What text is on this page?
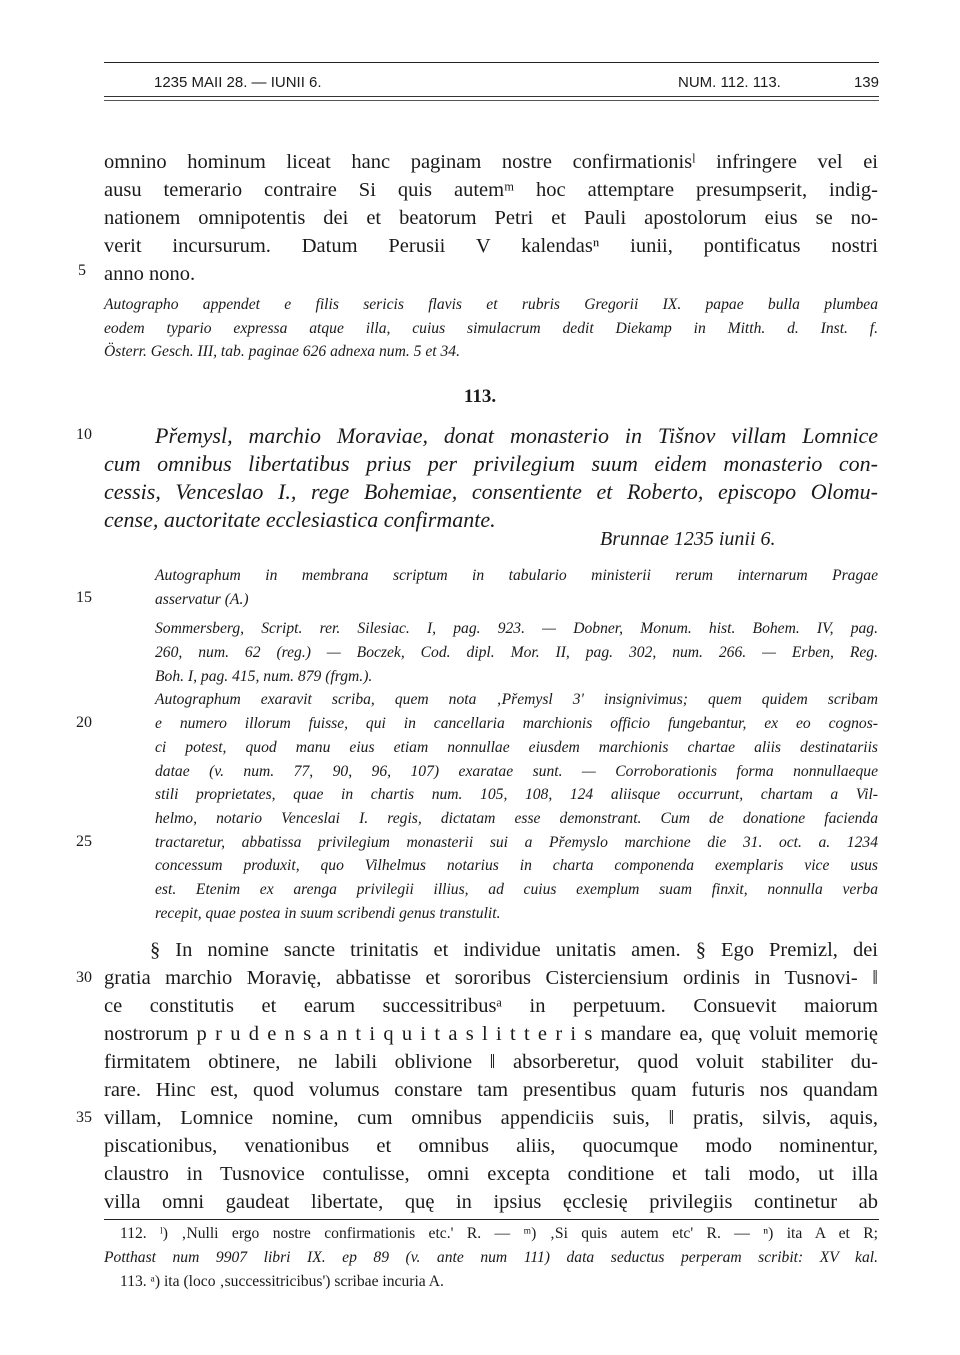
1235 MAII 28. — IUNII 6.	NUM. 112. 113.	139
omnino hominum liceat hanc paginam nostre confirmationisˡ infringere vel ei
ausu temerario contraire Si quis autemᵐ hoc attemptare presumpserit, indig-
nationem omnipotentis dei et beatorum Petri et Pauli apostolorum eius se no-
verit incursurum. Datum Perusii V kalendasⁿ iunii, pontificatus nostri
anno nono.
Autographo appendet e filis sericis flavis et rubris Gregorii IX. papae bulla plumbea
eodem typario expressa atque illa, cuius simulacrum dedit Diekamp in Mitth. d. Inst. f.
Österr. Gesch. III, tab. paginae 626 adnexa num. 5 et 34.
113.
Přemysl, marchio Moraviae, donat monasterio in Tišnov villam Lomnice
cum omnibus libertatibus prius per privilegium suum eidem monasterio con-
cessis, Venceslao I., rege Bohemiae, consentiente et Roberto, episcopo Olomu-
cense, auctoritate ecclesiastica confirmante.
Brunnae 1235 iunii 6.
Autographum in membrana scriptum in tabulario ministerii rerum internarum Pragae
asservatur (A.)
Sommersberg, Script. rer. Silesiac. I, pag. 923. — Dobner, Monum. hist. Bohem. IV, pag.
260, num. 62 (reg.) — Boczek, Cod. dipl. Mor. II, pag. 302, num. 266. — Erben, Reg.
Boh. I, pag. 415, num. 879 (frgm.).
Autographum exaravit scriba, quem nota ‚Přemysl 3' insignivimus; quem quidem scribam
e numero illorum fuisse, qui in cancellaria marchionis officio fungebantur, ex eo cognos-
ci potest, quod manu eius etiam nonnullae eiusdem marchionis chartae aliis destinatariis
datae (v. num. 77, 90, 96, 107) exaratae sunt. — Corroborationis forma nonnullaeque
stili proprietates, quae in chartis num. 105, 108, 124 aliisque occurrunt, chartam a Vil-
helmo, notario Venceslai I. regis, dictatam esse demonstrant. Cum de donatione facienda
tractaretur, abbatissa privilegium monasterii sui a Přemyslo marchione die 31. oct. a. 1234
concessum produxit, quo Vilhelmus notarius in charta componenda exemplaris vice usus
est. Etenim ex arenga privilegii illius, ad cuius exemplum suam finxit, nonnulla verba
recepit, quae postea in suum scribendi genus transtulit.
§ In nomine sancte trinitatis et individue unitatis amen. § Ego Premizl, dei
gratia marchio Moravię, abbatisse et sororibus Cisterciensium ordinis in Tusnovi- ‖
ce constitutis et earum successitribusᵃ in perpetuum. Consuevit maiorum
nostrorum p r u d e n s a n t i q u i t a s l i t t e r i s mandare ea, quę voluit memorię
firmitatem obtinere, ne labili oblivione ‖ absorberetur, quod voluit stabiliter du-
rare. Hinc est, quod volumus constare tam presentibus quam futuris nos quandam
villam, Lomnice nomine, cum omnibus appendiciis suis, ‖ pratis, silvis, aquis,
piscationibus, venationibus et omnibus aliis, quocumque modo nominentur,
claustro in Tusnovice contulisse, omni excepta conditione et tali modo, ut illa
villa omni gaudeat libertate, quę in ipsius ęcclesię privilegiis continetur ab
5
10
15
20
25
30
35
112. ˡ) ‚Nulli ergo nostre confirmationis etc.' R. — ᵐ) ‚Si quis autem etc' R. — ⁿ) ita A et R;
Potthast num 9907 libri IX. ep 89 (v. ante num 111) data seductus perperam scribit: XV kal.
113. ᵃ) ita (loco ‚successitricibus') scribae incuria A.
